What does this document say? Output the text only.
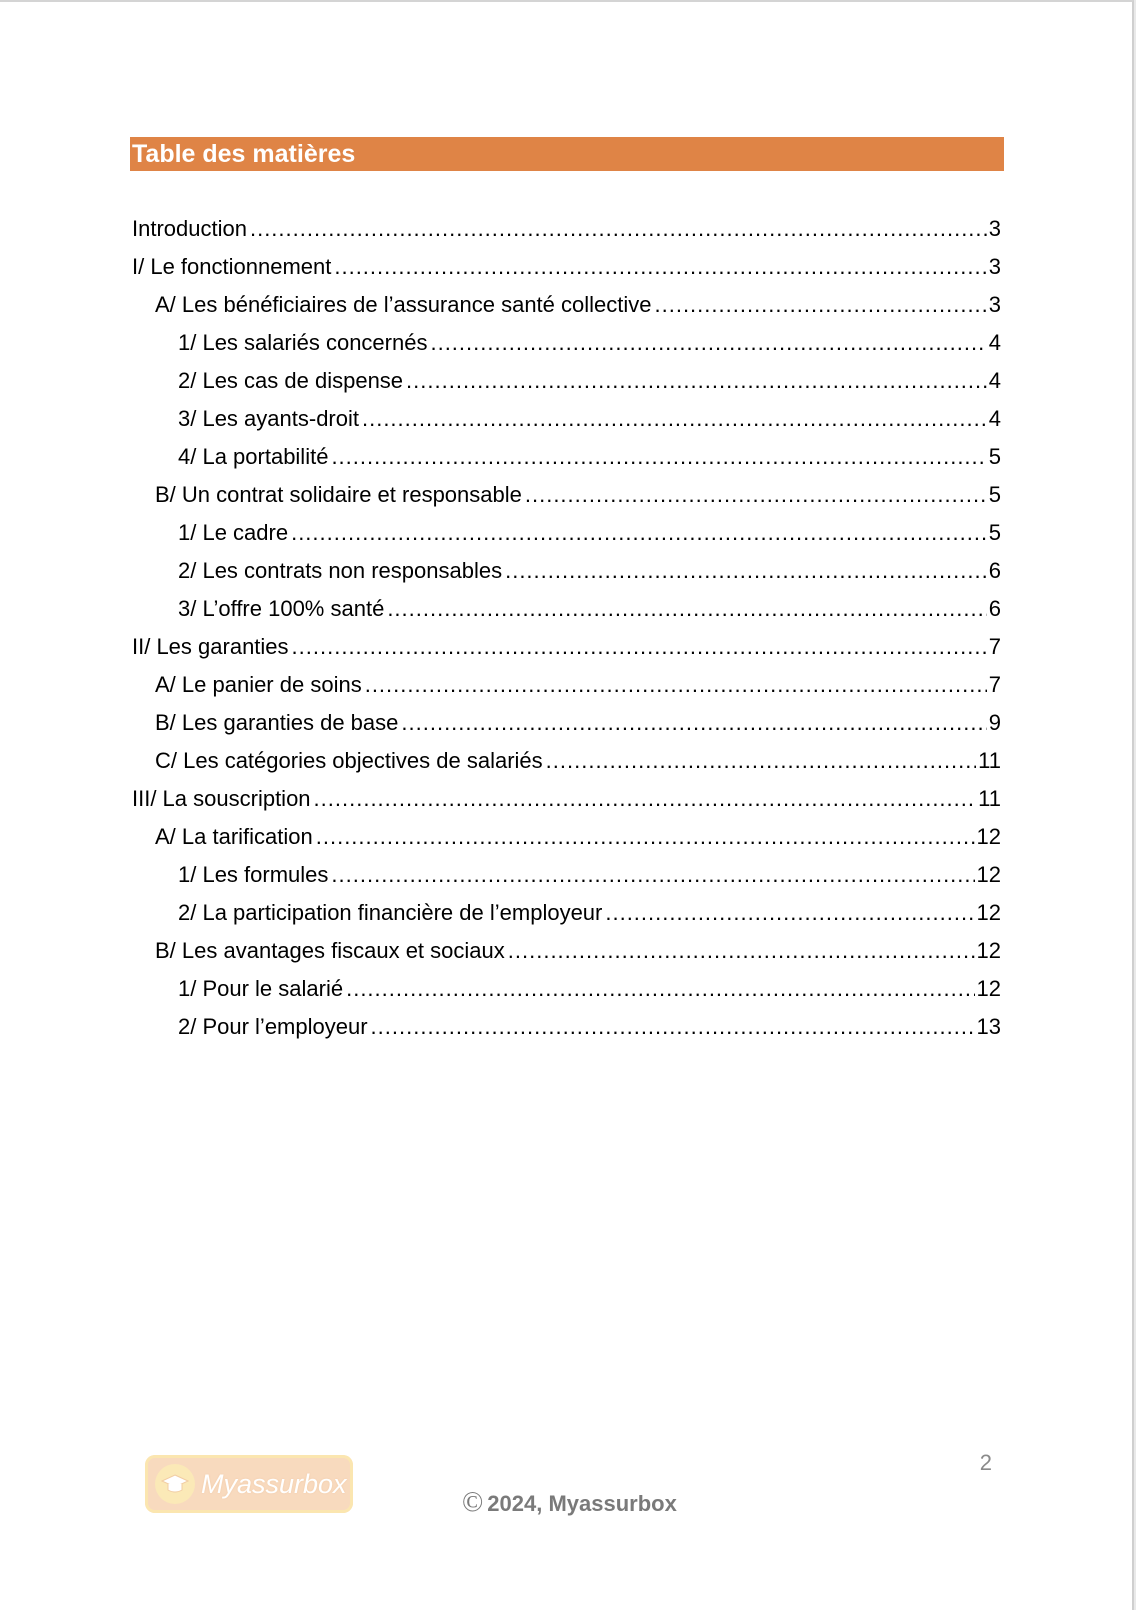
Table des matières
Introduction .....	3
I/ Le fonctionnement .....	3
A/ Les bénéficiaires de l’assurance santé collective .....	3
1/ Les salariés concernés .....	4
2/ Les cas de dispense .....	4
3/ Les ayants-droit .....	4
4/ La portabilité .....	5
B/ Un contrat solidaire et responsable .....	5
1/ Le cadre .....	5
2/ Les contrats non responsables .....	6
3/ L’offre 100% santé .....	6
II/ Les garanties .....	7
A/ Le panier de soins .....	7
B/ Les garanties de base .....	9
C/ Les catégories objectives de salariés .....	11
III/ La souscription .....	11
A/ La tarification .....	12
1/ Les formules .....	12
2/ La participation financière de l’employeur .....	12
B/ Les avantages fiscaux et sociaux .....	12
1/ Pour le salarié .....	12
2/ Pour l’employeur .....	13
2
Myassurbox
© 2024, Myassurbox
